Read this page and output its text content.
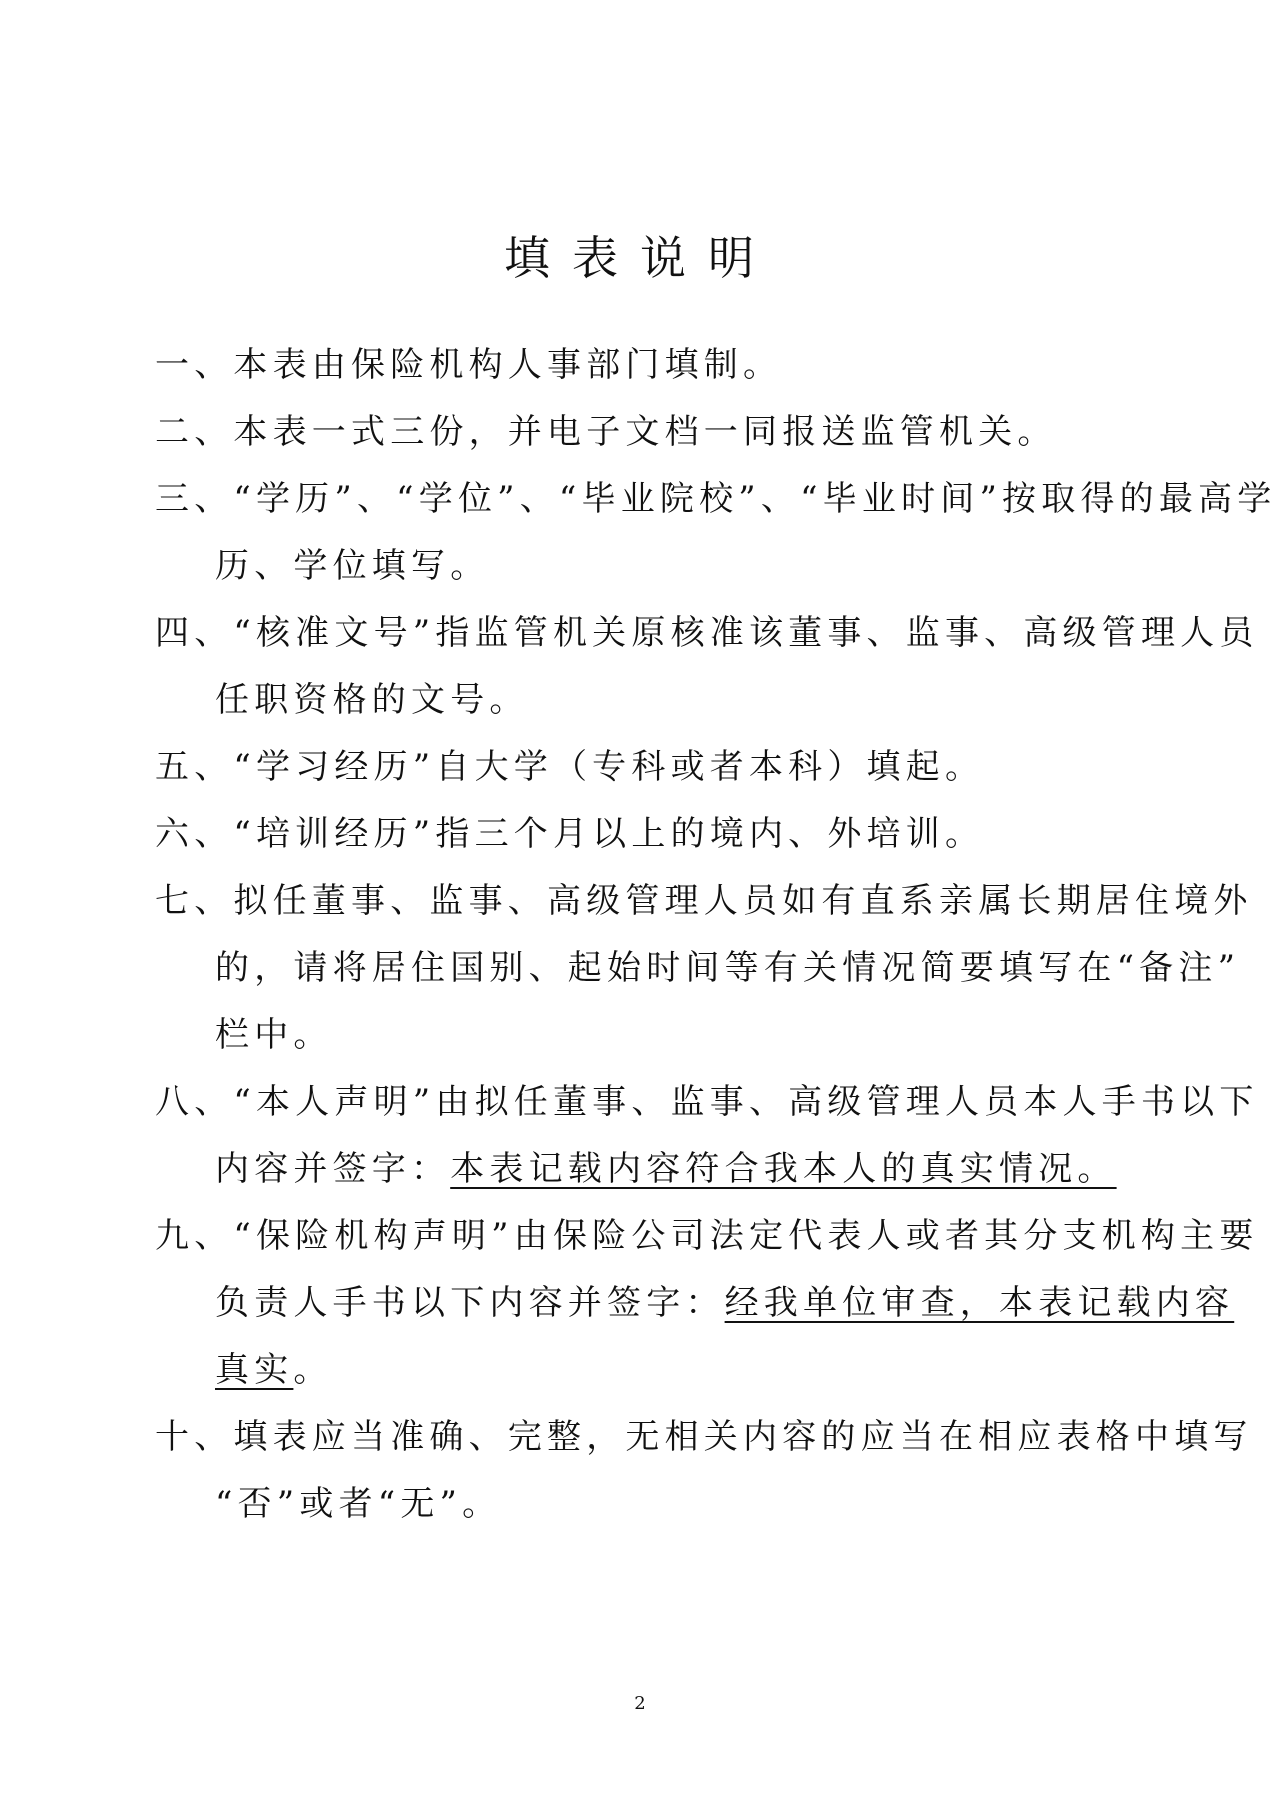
填表说明
一、本表由保险机构人事部门填制。
二、本表一式三份，并电子文档一同报送监管机关。
三、“学历”、“学位”、“毕业院校”、“毕业时间”按取得的最高学
历、学位填写。
四、“核准文号”指监管机关原核准该董事、监事、高级管理人员
任职资格的文号。
五、“学习经历”自大学（专科或者本科）填起。
六、“培训经历”指三个月以上的境内、外培训。
七、拟任董事、监事、高级管理人员如有直系亲属长期居住境外
的，请将居住国别、起始时间等有关情况简要填写在“备注”
栏中。
八、“本人声明”由拟任董事、监事、高级管理人员本人手书以下
内容并签字：本表记载内容符合我本人的真实情况。
九、“保险机构声明”由保险公司法定代表人或者其分支机构主要
负责人手书以下内容并签字：经我单位审查，本表记载内容
真实。
十、填表应当准确、完整，无相关内容的应当在相应表格中填写
“否”或者“无”。
2
